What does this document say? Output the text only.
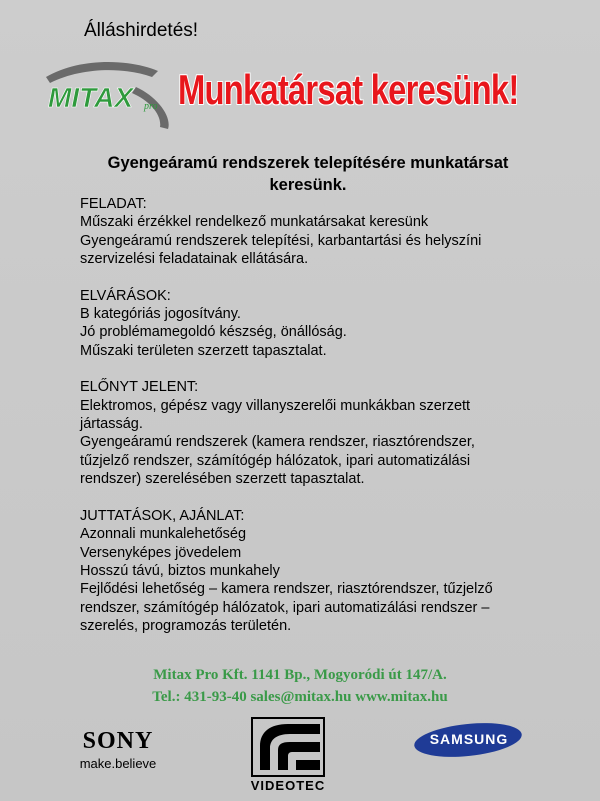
Álláshirdetés!
MITAX pro Munkatársat keresünk!
Gyengeáramú rendszerek telepítésére munkatársat
keresünk.
FELADAT:
Műszaki érzékkel rendelkező munkatársakat keresünk
Gyengeáramú rendszerek telepítési, karbantartási és helyszíni
szervizelési feladatainak ellátására.
ELVÁRÁSOK:
B kategóriás jogosítvány.
Jó problémamegoldó készség, önállóság.
Műszaki területen szerzett tapasztalat.
ELŐNYT JELENT:
Elektromos, gépész vagy villanyszerelői munkákban szerzett
jártasság.
Gyengeáramú rendszerek (kamera rendszer, riasztórendszer,
tűzjelző rendszer, számítógép hálózatok, ipari automatizálási
rendszer) szerelésében szerzett tapasztalat.
JUTTATÁSOK, AJÁNLAT:
Azonnali munkalehetőség
Versenyképes jövedelem
Hosszú távú, biztos munkahely
Fejlődési lehetőség – kamera rendszer, riasztórendszer, tűzjelző
rendszer, számítógép hálózatok, ipari automatizálási rendszer –
szerelés, programozás területén.
Mitax Pro Kft. 1141 Bp., Mogyoródi út 147/A.
Tel.: 431-93-40 sales@mitax.hu www.mitax.hu
SONY
make.believe
VIDEOTEC
SAMSUNG
